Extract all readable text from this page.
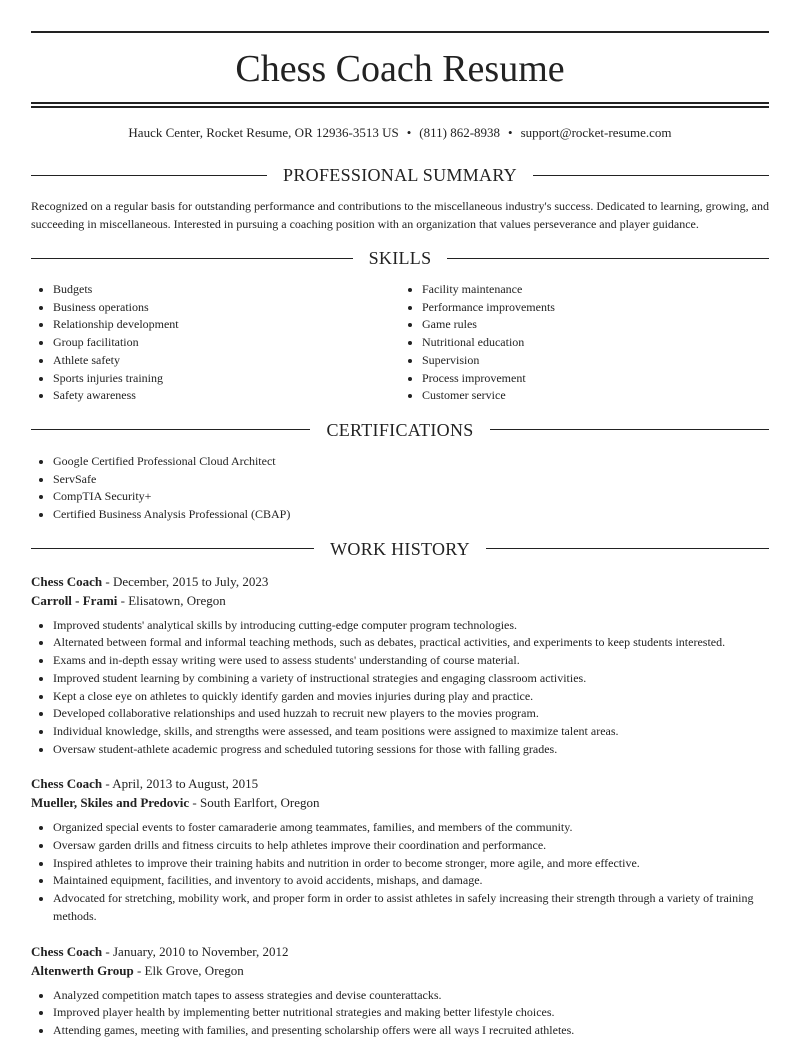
Chess Coach Resume
Hauck Center, Rocket Resume, OR 12936-3513 US • (811) 862-8938 • support@rocket-resume.com
PROFESSIONAL SUMMARY
Recognized on a regular basis for outstanding performance and contributions to the miscellaneous industry's success. Dedicated to learning, growing, and succeeding in miscellaneous. Interested in pursuing a coaching position with an organization that values perseverance and player guidance.
SKILLS
• Budgets
• Business operations
• Relationship development
• Group facilitation
• Athlete safety
• Sports injuries training
• Safety awareness
• Facility maintenance
• Performance improvements
• Game rules
• Nutritional education
• Supervision
• Process improvement
• Customer service
CERTIFICATIONS
• Google Certified Professional Cloud Architect
• ServSafe
• CompTIA Security+
• Certified Business Analysis Professional (CBAP)
WORK HISTORY
Chess Coach - December, 2015 to July, 2023
Carroll - Frami - Elisatown, Oregon
• Improved students' analytical skills by introducing cutting-edge computer program technologies.
• Alternated between formal and informal teaching methods, such as debates, practical activities, and experiments to keep students interested.
• Exams and in-depth essay writing were used to assess students' understanding of course material.
• Improved student learning by combining a variety of instructional strategies and engaging classroom activities.
• Kept a close eye on athletes to quickly identify garden and movies injuries during play and practice.
• Developed collaborative relationships and used huzzah to recruit new players to the movies program.
• Individual knowledge, skills, and strengths were assessed, and team positions were assigned to maximize talent areas.
• Oversaw student-athlete academic progress and scheduled tutoring sessions for those with falling grades.
Chess Coach - April, 2013 to August, 2015
Mueller, Skiles and Predovic - South Earlfort, Oregon
• Organized special events to foster camaraderie among teammates, families, and members of the community.
• Oversaw garden drills and fitness circuits to help athletes improve their coordination and performance.
• Inspired athletes to improve their training habits and nutrition in order to become stronger, more agile, and more effective.
• Maintained equipment, facilities, and inventory to avoid accidents, mishaps, and damage.
• Advocated for stretching, mobility work, and proper form in order to assist athletes in safely increasing their strength through a variety of training methods.
Chess Coach - January, 2010 to November, 2012
Altenwerth Group - Elk Grove, Oregon
• Analyzed competition match tapes to assess strategies and devise counterattacks.
• Improved player health by implementing better nutritional strategies and making better lifestyle choices.
• Attending games, meeting with families, and presenting scholarship offers were all ways I recruited athletes.
